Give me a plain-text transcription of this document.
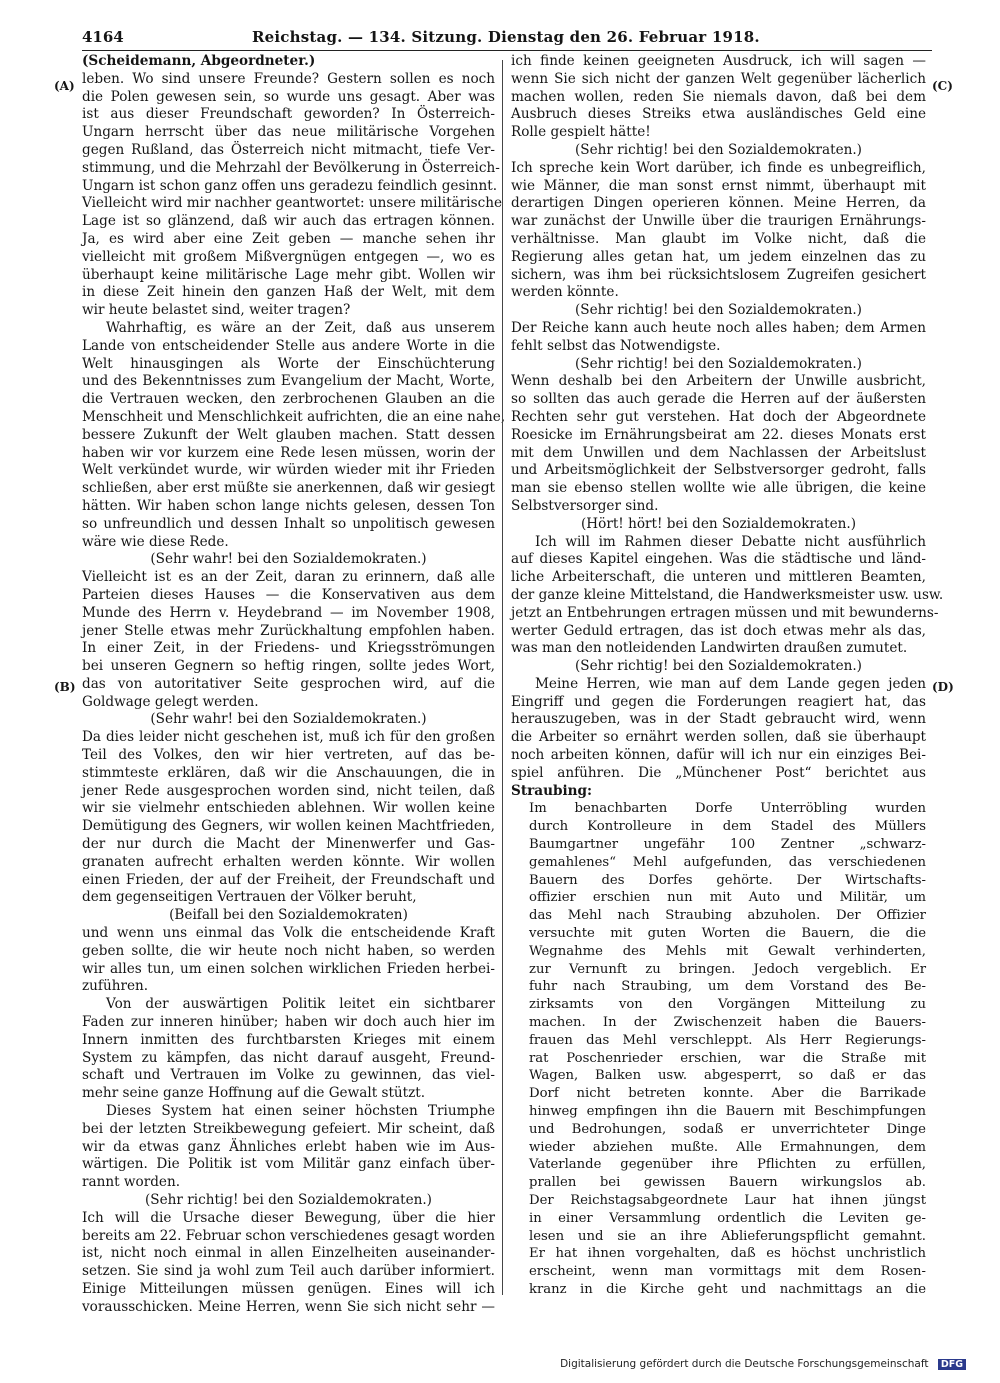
4164	Reichstag. — 134. Sitzung. Dienstag den 26. Februar 1918.
(Scheidemann, Abgeordneter.)
leben. Wo sind unsere Freunde? Gestern sollen es noch
die Polen gewesen sein, so wurde uns gesagt. Aber was
ist aus dieser Freundschaft geworden? In Österreich-
Ungarn herrscht über das neue militärische Vorgehen
gegen Rußland, das Österreich nicht mitmacht, tiefe Ver-
stimmung, und die Mehrzahl der Bevölkerung in Österreich-
Ungarn ist schon ganz offen uns geradezu feindlich gesinnt.
Vielleicht wird mir nachher geantwortet: unsere militärische
Lage ist so glänzend, daß wir auch das ertragen können.
Ja, es wird aber eine Zeit geben — manche sehen ihr
vielleicht mit großem Mißvergnügen entgegen —, wo es
überhaupt keine militärische Lage mehr gibt. Wollen wir
in diese Zeit hinein den ganzen Haß der Welt, mit dem
wir heute belastet sind, weiter tragen?
Wahrhaftig, es wäre an der Zeit, daß aus unserem
Lande von entscheidender Stelle aus andere Worte in die
Welt hinausgingen als Worte der Einschüchterung
und des Bekenntnisses zum Evangelium der Macht, Worte,
die Vertrauen wecken, den zerbrochenen Glauben an die
Menschheit und Menschlichkeit aufrichten, die an eine nahe,
bessere Zukunft der Welt glauben machen. Statt dessen
haben wir vor kurzem eine Rede lesen müssen, worin der
Welt verkündet wurde, wir würden wieder mit ihr Frieden
schließen, aber erst müßte sie anerkennen, daß wir gesiegt
hätten. Wir haben schon lange nichts gelesen, dessen Ton
so unfreundlich und dessen Inhalt so unpolitisch gewesen
wäre wie diese Rede.
(Sehr wahr! bei den Sozialdemokraten.)
Vielleicht ist es an der Zeit, daran zu erinnern, daß alle
Parteien dieses Hauses — die Konservativen aus dem
Munde des Herrn v. Heydebrand — im November 1908,
jener Stelle etwas mehr Zurückhaltung empfohlen haben.
In einer Zeit, in der Friedens- und Kriegsströmungen
bei unseren Gegnern so heftig ringen, sollte jedes Wort,
das von autoritativer Seite gesprochen wird, auf die
Goldwage gelegt werden.
(Sehr wahr! bei den Sozialdemokraten.)
Da dies leider nicht geschehen ist, muß ich für den großen
Teil des Volkes, den wir hier vertreten, auf das be-
stimmteste erklären, daß wir die Anschauungen, die in
jener Rede ausgesprochen worden sind, nicht teilen, daß
wir sie vielmehr entschieden ablehnen. Wir wollen keine
Demütigung des Gegners, wir wollen keinen Machtfrieden,
der nur durch die Macht der Minenwerfer und Gas-
granaten aufrecht erhalten werden könnte. Wir wollen
einen Frieden, der auf der Freiheit, der Freundschaft und
dem gegenseitigen Vertrauen der Völker beruht,
(Beifall bei den Sozialdemokraten)
und wenn uns einmal das Volk die entscheidende Kraft
geben sollte, die wir heute noch nicht haben, so werden
wir alles tun, um einen solchen wirklichen Frieden herbei-
zuführen.
Von der auswärtigen Politik leitet ein sichtbarer
Faden zur inneren hinüber; haben wir doch auch hier im
Innern inmitten des furchtbarsten Krieges mit einem
System zu kämpfen, das nicht darauf ausgeht, Freund-
schaft und Vertrauen im Volke zu gewinnen, das viel-
mehr seine ganze Hoffnung auf die Gewalt stützt.
Dieses System hat einen seiner höchsten Triumphe
bei der letzten Streikbewegung gefeiert. Mir scheint, daß
wir da etwas ganz Ähnliches erlebt haben wie im Aus-
wärtigen. Die Politik ist vom Militär ganz einfach über-
rannt worden.
(Sehr richtig! bei den Sozialdemokraten.)
Ich will die Ursache dieser Bewegung, über die hier
bereits am 22. Februar schon verschiedenes gesagt worden
ist, nicht noch einmal in allen Einzelheiten auseinander-
setzen. Sie sind ja wohl zum Teil auch darüber informiert.
Einige Mitteilungen müssen genügen. Eines will ich
vorausschicken. Meine Herren, wenn Sie sich nicht sehr —
ich finde keinen geeigneten Ausdruck, ich will sagen —
wenn Sie sich nicht der ganzen Welt gegenüber lächerlich
machen wollen, reden Sie niemals davon, daß bei dem
Ausbruch dieses Streiks etwa ausländisches Geld eine
Rolle gespielt hätte!
(Sehr richtig! bei den Sozialdemokraten.)
Ich spreche kein Wort darüber, ich finde es unbegreiflich,
wie Männer, die man sonst ernst nimmt, überhaupt mit
derartigen Dingen operieren können. Meine Herren, da
war zunächst der Unwille über die traurigen Ernährungs-
verhältnisse. Man glaubt im Volke nicht, daß die
Regierung alles getan hat, um jedem einzelnen das zu
sichern, was ihm bei rücksichtslosem Zugreifen gesichert
werden könnte.
(Sehr richtig! bei den Sozialdemokraten.)
Der Reiche kann auch heute noch alles haben; dem Armen
fehlt selbst das Notwendigste.
(Sehr richtig! bei den Sozialdemokraten.)
Wenn deshalb bei den Arbeitern der Unwille ausbricht,
so sollten das auch gerade die Herren auf der äußersten
Rechten sehr gut verstehen. Hat doch der Abgeordnete
Roesicke im Ernährungsbeirat am 22. dieses Monats erst
mit dem Unwillen und dem Nachlassen der Arbeitslust
und Arbeitsmöglichkeit der Selbstversorger gedroht, falls
man sie ebenso stellen wollte wie alle übrigen, die keine
Selbstversorger sind.
(Hört! hört! bei den Sozialdemokraten.)
Ich will im Rahmen dieser Debatte nicht ausführlich
auf dieses Kapitel eingehen. Was die städtische und länd-
liche Arbeiterschaft, die unteren und mittleren Beamten,
der ganze kleine Mittelstand, die Handwerksmeister usw. usw.
jetzt an Entbehrungen ertragen müssen und mit bewunderns-
werter Geduld ertragen, das ist doch etwas mehr als das,
was man den notleidenden Landwirten draußen zumutet.
(Sehr richtig! bei den Sozialdemokraten.)
Meine Herren, wie man auf dem Lande gegen jeden
Eingriff und gegen die Forderungen reagiert hat, das
herauszugeben, was in der Stadt gebraucht wird, wenn
die Arbeiter so ernährt werden sollen, daß sie überhaupt
noch arbeiten können, dafür will ich nur ein einziges Bei-
spiel anführen. Die „Münchener Post“ berichtet aus
Straubing:
Im benachbarten Dorfe Unterröbling wurden
durch Kontrolleure in dem Stadel des Müllers
Baumgartner ungefähr 100 Zentner „schwarz-
gemahlenes“ Mehl aufgefunden, das verschiedenen
Bauern des Dorfes gehörte. Der Wirtschafts-
offizier erschien nun mit Auto und Militär, um
das Mehl nach Straubing abzuholen. Der Offizier
versuchte mit guten Worten die Bauern, die die
Wegnahme des Mehls mit Gewalt verhinderten,
zur Vernunft zu bringen. Jedoch vergeblich. Er
fuhr nach Straubing, um dem Vorstand des Be-
zirksamts von den Vorgängen Mitteilung zu
machen. In der Zwischenzeit haben die Bauers-
frauen das Mehl verschleppt. Als Herr Regierungs-
rat Poschenrieder erschien, war die Straße mit
Wagen, Balken usw. abgesperrt, so daß er das
Dorf nicht betreten konnte. Aber die Barrikade
hinweg empfingen ihn die Bauern mit Beschimpfungen
und Bedrohungen, sodaß er unverrichteter Dinge
wieder abziehen mußte. Alle Ermahnungen, dem
Vaterlande gegenüber ihre Pflichten zu erfüllen,
prallen bei gewissen Bauern wirkungslos ab.
Der Reichstagsabgeordnete Laur hat ihnen jüngst
in einer Versammlung ordentlich die Leviten ge-
lesen und sie an ihre Ablieferungspflicht gemahnt.
Er hat ihnen vorgehalten, daß es höchst unchristlich
erscheint, wenn man vormittags mit dem Rosen-
kranz in die Kirche geht und nachmittags an die
(A)
(B)
(C)
(D)
Digitalisierung gefördert durch die Deutsche Forschungsgemeinschaft DFG
